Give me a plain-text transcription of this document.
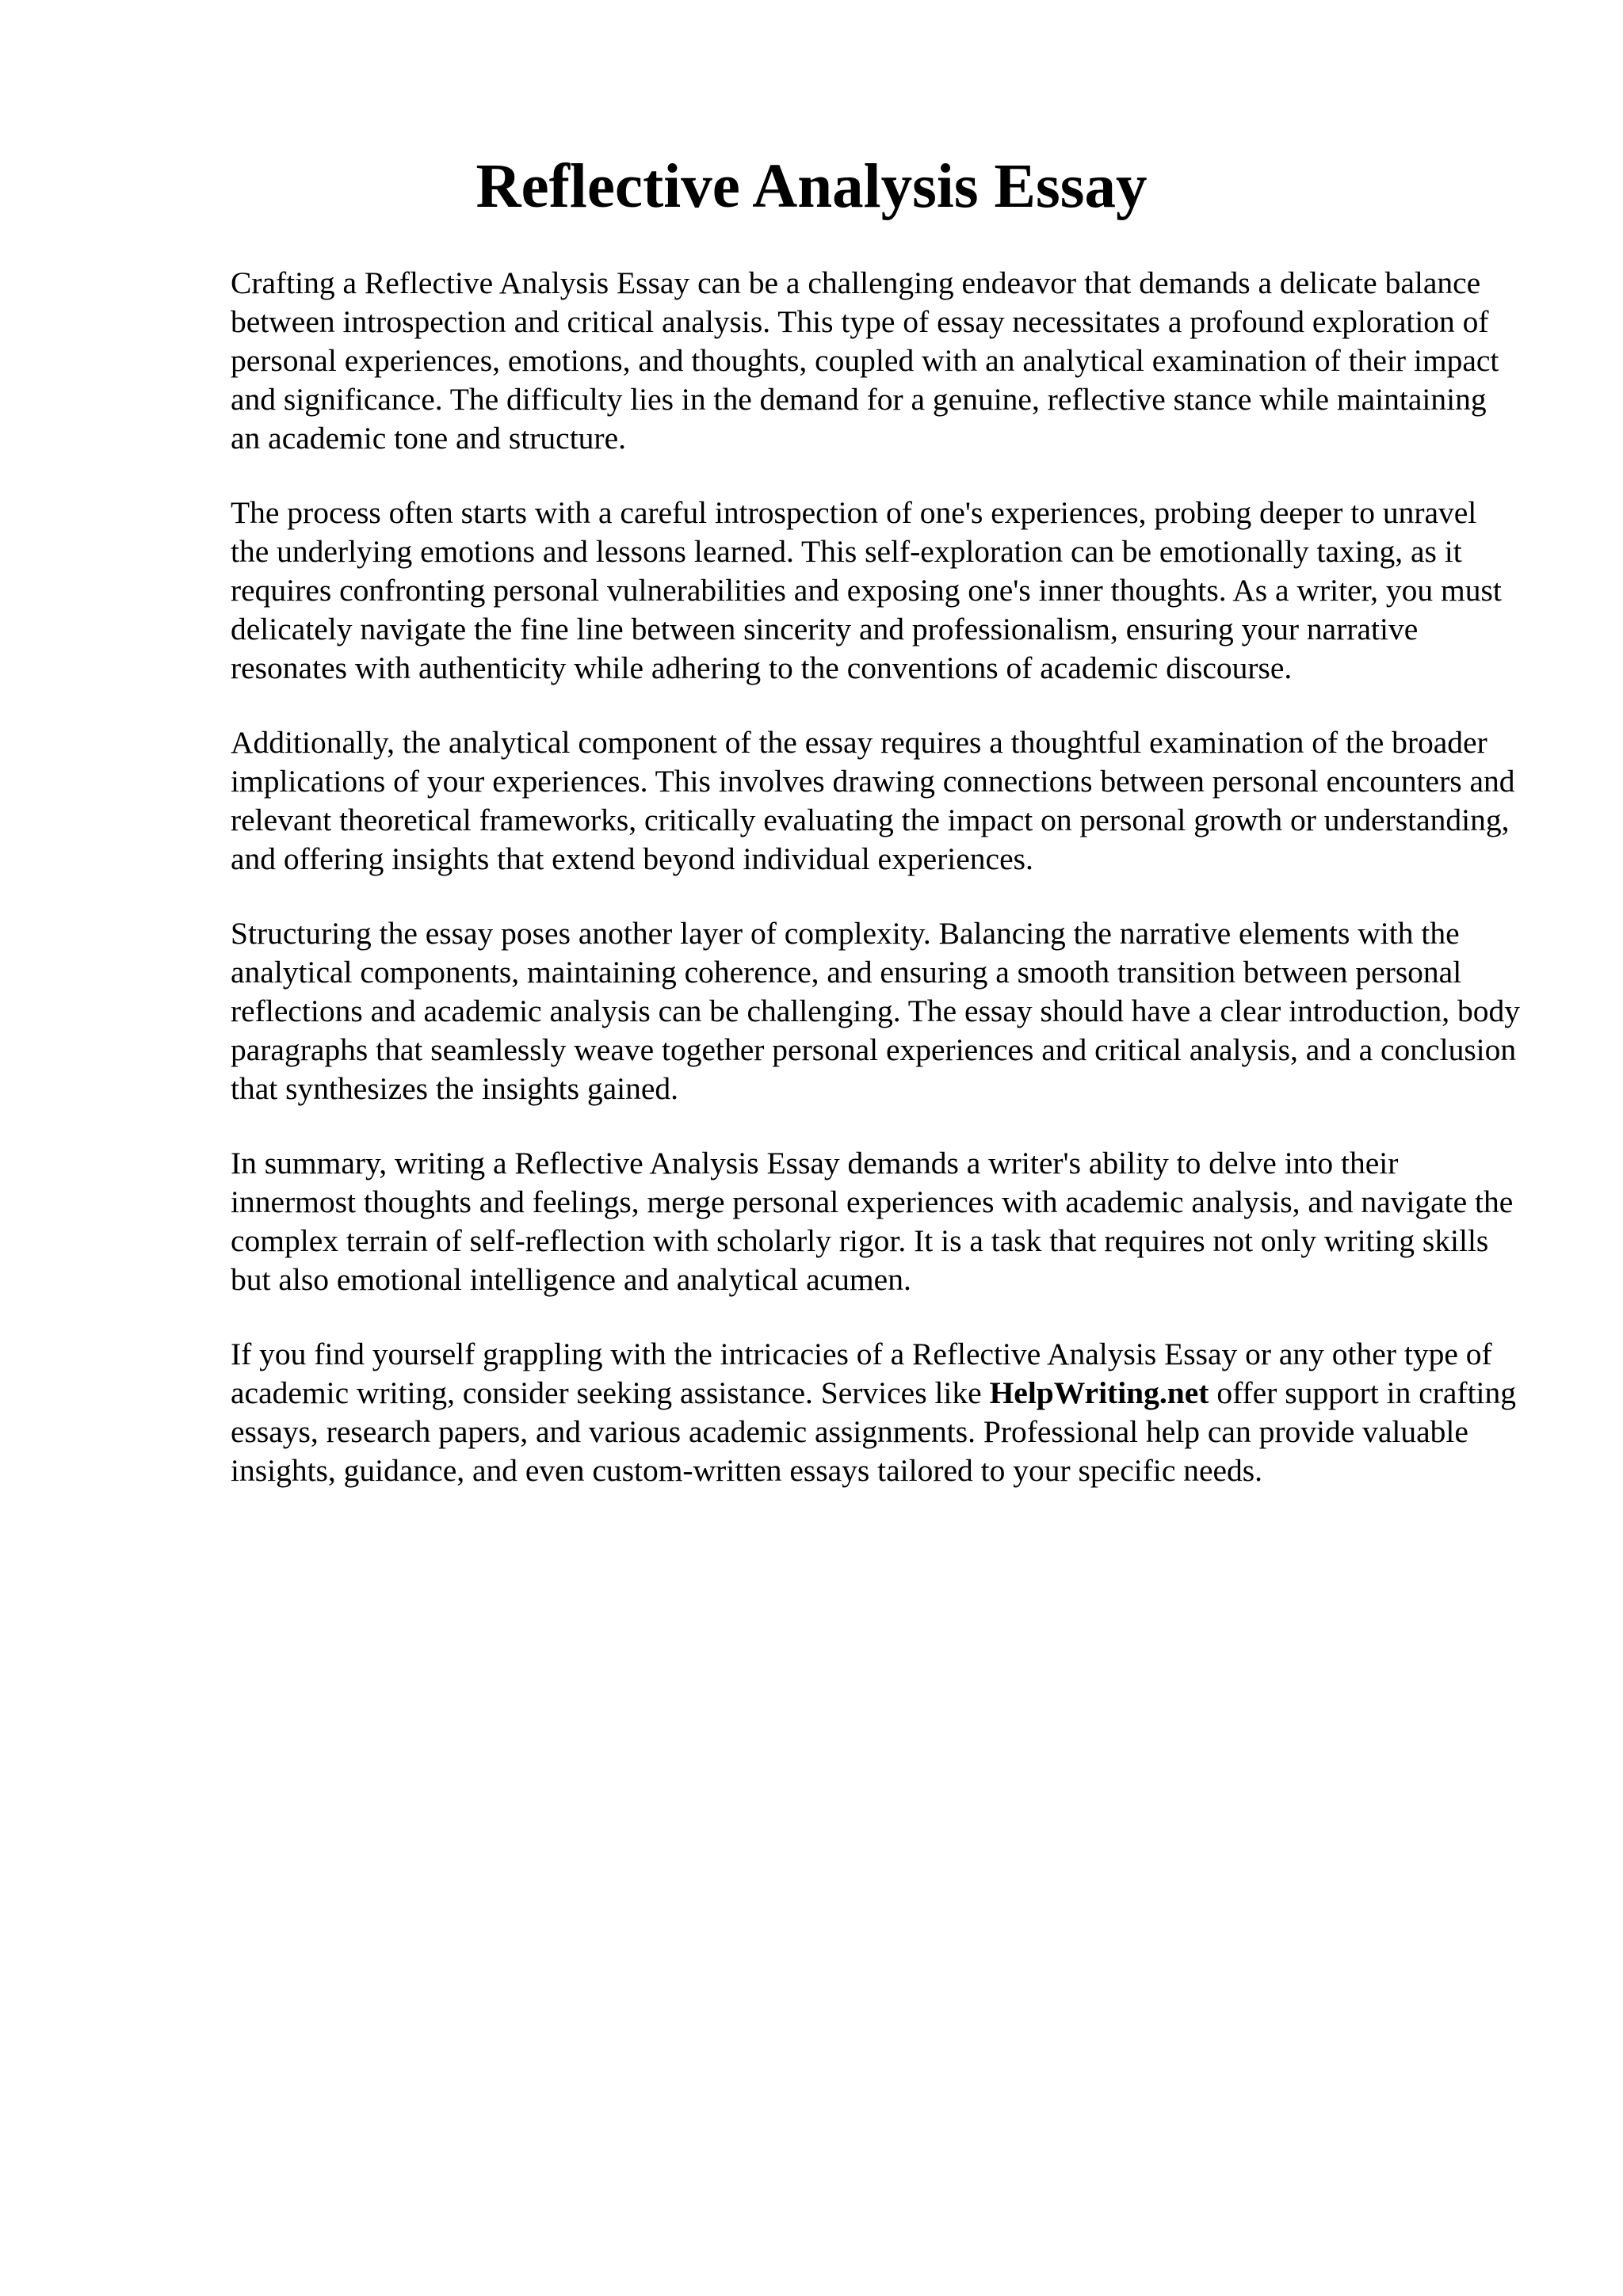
Reflective Analysis Essay

Crafting a Reflective Analysis Essay can be a challenging endeavor that demands a delicate balance between introspection and critical analysis. This type of essay necessitates a profound exploration of personal experiences, emotions, and thoughts, coupled with an analytical examination of their impact and significance. The difficulty lies in the demand for a genuine, reflective stance while maintaining an academic tone and structure.

The process often starts with a careful introspection of one's experiences, probing deeper to unravel the underlying emotions and lessons learned. This self-exploration can be emotionally taxing, as it requires confronting personal vulnerabilities and exposing one's inner thoughts. As a writer, you must delicately navigate the fine line between sincerity and professionalism, ensuring your narrative resonates with authenticity while adhering to the conventions of academic discourse.

Additionally, the analytical component of the essay requires a thoughtful examination of the broader implications of your experiences. This involves drawing connections between personal encounters and relevant theoretical frameworks, critically evaluating the impact on personal growth or understanding, and offering insights that extend beyond individual experiences.

Structuring the essay poses another layer of complexity. Balancing the narrative elements with the analytical components, maintaining coherence, and ensuring a smooth transition between personal reflections and academic analysis can be challenging. The essay should have a clear introduction, body paragraphs that seamlessly weave together personal experiences and critical analysis, and a conclusion that synthesizes the insights gained.

In summary, writing a Reflective Analysis Essay demands a writer's ability to delve into their innermost thoughts and feelings, merge personal experiences with academic analysis, and navigate the complex terrain of self-reflection with scholarly rigor. It is a task that requires not only writing skills but also emotional intelligence and analytical acumen.

If you find yourself grappling with the intricacies of a Reflective Analysis Essay or any other type of academic writing, consider seeking assistance. Services like HelpWriting.net offer support in crafting essays, research papers, and various academic assignments. Professional help can provide valuable insights, guidance, and even custom-written essays tailored to your specific needs.
